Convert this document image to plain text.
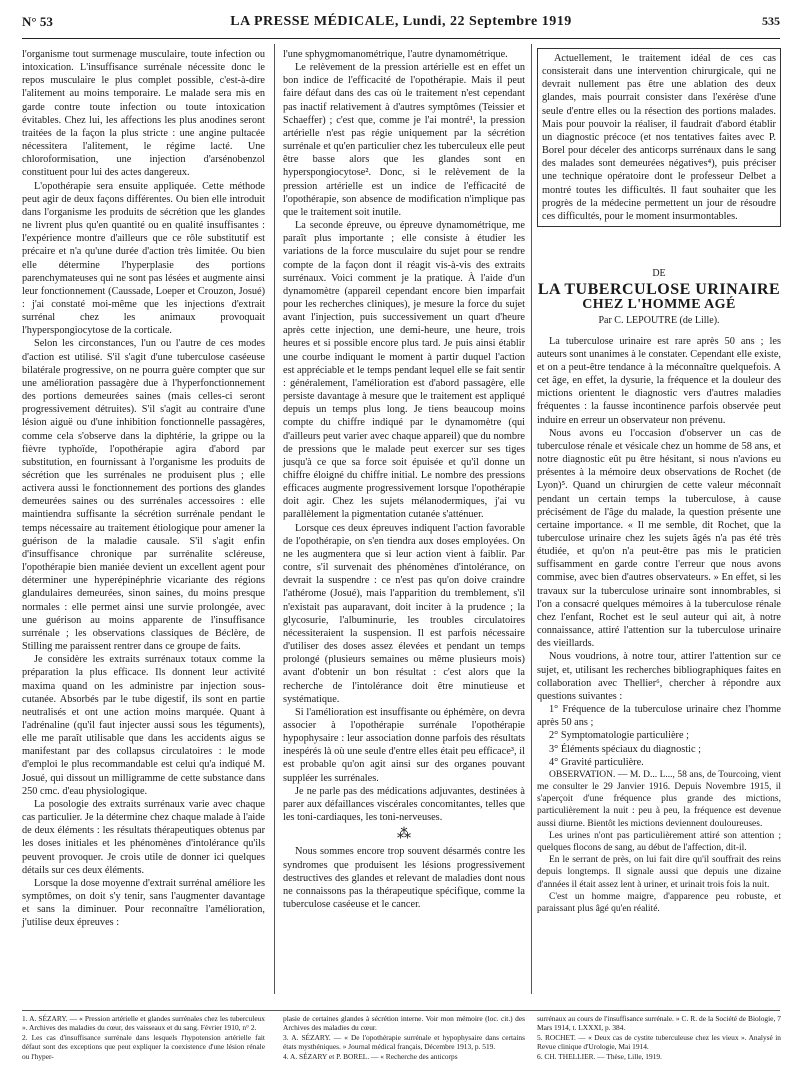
N° 53	LA PRESSE MÉDICALE, Lundi, 22 Septembre 1919	535

l'organisme tout surmenage musculaire, toute infection ou intoxication. L'insuffisance surrénale nécessite donc le repos musculaire le plus complet possible, c'est-à-dire l'alitement au moins temporaire. Le malade sera mis en garde contre toute infection ou toute intoxication évitables. Chez lui, les affections les plus anodines seront traitées de la façon la plus stricte : une angine pultacée nécessitera l'alitement, le régime lacté. Une chloroformisation, une injection d'arsénobenzol constituent pour lui des actes dangereux.

L'opothérapie sera ensuite appliquée. Cette méthode peut agir de deux façons différentes. Ou bien elle introduit dans l'organisme les produits de sécrétion que les glandes ne livrent plus qu'en quantité ou en qualité insuffisantes : l'expérience montre d'ailleurs que ce rôle substitutif est précaire et n'a qu'une durée d'action très limitée. Ou bien elle détermine l'hyperplasie des portions parenchymateuses qui ne sont pas lésées et augmente ainsi leur fonctionnement (Caussade, Loeper et Crouzon, Josué) : j'ai constaté moi-même que les injections d'extrait surrénal chez les animaux provoquait l'hyperspongiocytose de la corticale.

Selon les circonstances, l'un ou l'autre de ces modes d'action est utilisé. S'il s'agit d'une tuberculose caséeuse bilatérale progressive, on ne pourra guère compter que sur une amélioration passagère due à l'hyperfonctionnement des portions demeurées saines (mais celles-ci seront progressivement détruites). S'il s'agit au contraire d'une lésion aiguë ou d'une inhibition fonctionnelle passagères, comme cela s'observe dans la diphtérie, la grippe ou la fièvre typhoïde, l'opothérapie agira d'abord par substitution, en fournissant à l'organisme les produits de sécrétion que les surrénales ne produisent plus ; elle activera aussi le fonctionnement des portions des glandes demeurées saines ou des surrénales accessoires : elle maintiendra suffisante la sécrétion surrénale pendant le temps nécessaire au traitement étiologique pour amener la guérison de la maladie causale. S'il s'agit enfin d'insuffisance chronique par surrénalite scléreuse, l'opothérapie bien maniée devient un excellent agent pour déterminer une hyperépinéphrie vicariante des régions glandulaires demeurées, sinon saines, du moins presque normales : elle permet ainsi une survie prolongée, avec une guérison au moins apparente de l'insuffisance surrénale ; les observations classiques de Béclère, de Stilling me paraissent rentrer dans ce groupe de faits.

Je considère les extraits surrénaux totaux comme la préparation la plus efficace. Ils donnent leur activité maxima quand on les administre par injection sous-cutanée. Absorbés par le tube digestif, ils sont en partie neutralisés et ont une action moins marquée. Quant à l'adrénaline (qu'il faut injecter aussi sous les téguments), elle me paraît utilisable que dans les accidents aigus se manifestant par des collapsus circulatoires : le mode d'emploi le plus recommandable est celui qu'a indiqué M. Josué, qui dissout un milligramme de cette substance dans 250 cmc. d'eau physiologique.

La posologie des extraits surrénaux varie avec chaque cas particulier. Je la détermine chez chaque malade à l'aide de deux éléments : les résultats thérapeutiques obtenus par les doses initiales et les phénomènes d'intolérance qu'ils peuvent provoquer. Je crois utile de donner ici quelques détails sur ces deux éléments.

Lorsque la dose moyenne d'extrait surrénal améliore les symptômes, on doit s'y tenir, sans l'augmenter davantage et sans la diminuer. Pour reconnaître l'amélioration, j'utilise deux épreuves :

l'une sphygmomanométrique, l'autre dynamométrique.

Le relèvement de la pression artérielle est en effet un bon indice de l'efficacité de l'opothérapie. Mais il peut faire défaut dans des cas où le traitement n'est cependant pas inactif relativement à d'autres symptômes (Teissier et Schaeffer) ; c'est que, comme je l'ai montré¹, la pression artérielle n'est pas régie uniquement par la sécrétion surrénale et qu'en particulier chez les tuberculeux elle peut être basse alors que les glandes sont en hyperspongiocytose². Donc, si le relèvement de la pression artérielle est un indice de l'efficacité de l'opothérapie, son absence de modification n'implique pas que le traitement soit inutile.

La seconde épreuve, ou épreuve dynamométrique, me paraît plus importante ; elle consiste à étudier les variations de la force musculaire du sujet pour se rendre compte de la façon dont il réagit vis-à-vis des extraits surrénaux. Voici comment je la pratique. À l'aide d'un dynamomètre (appareil cependant encore bien imparfait pour les recherches cliniques), je mesure la force du sujet avant l'injection, puis successivement un quart d'heure après cette injection, une demi-heure, une heure, trois heures et si possible encore plus tard. Je puis ainsi établir une courbe indiquant le moment à partir duquel l'action est appréciable et le temps pendant lequel elle se fait sentir : généralement, l'amélioration est d'abord passagère, elle persiste davantage à mesure que le traitement est appliqué depuis un temps plus long. Je tiens beaucoup moins compte du chiffre indiqué par le dynamomètre (qui d'ailleurs peut varier avec chaque appareil) que du nombre de pressions que le malade peut exercer sur ses tiges jusqu'à ce que sa force soit épuisée et qu'il donne un chiffre éloigné du chiffre initial. Le nombre des pressions efficaces augmente progressivement lorsque l'opothérapie doit agir. Chez les sujets mélanodermiques, j'ai vu parallèlement la pigmentation cutanée s'atténuer.

Lorsque ces deux épreuves indiquent l'action favorable de l'opothérapie, on s'en tiendra aux doses employées. On ne les augmentera que si leur action vient à faiblir. Par contre, s'il survenait des phénomènes d'intolérance, on devrait la suspendre : ce n'est pas qu'on doive craindre l'athérome (Josué), mais l'apparition du tremblement, s'il n'existait pas auparavant, doit inciter à la prudence ; la glycosurie, l'albuminurie, les troubles circulatoires nécessiteraient la suspension. Il est parfois nécessaire d'utiliser des doses assez élevées et pendant un temps prolongé (plusieurs semaines ou même plusieurs mois) avant d'obtenir un bon résultat : c'est alors que la recherche de l'intolérance doit être minutieuse et systématique.

Si l'amélioration est insuffisante ou éphémère, on devra associer à l'opothérapie surrénale l'opothérapie hypophysaire : leur association donne parfois des résultats inespérés là où une seule d'entre elles était peu efficace³, il est probable qu'on agit ainsi sur des organes pouvant suppléer les surrénales.

Je ne parle pas des médications adjuvantes, destinées à parer aux défaillances viscérales concomitantes, telles que les toni-cardiaques, les toni-nerveuses.

⁂

Nous sommes encore trop souvent désarmés contre les syndromes que produisent les lésions progressivement destructives des glandes et relevant de maladies dont nous ne connaissons pas la thérapeutique spécifique, comme la tuberculose caséeuse et le cancer.

Actuellement, le traitement idéal de ces cas consisterait dans une intervention chirurgicale, qui ne devrait nullement pas être une ablation des deux glandes, mais pourrait consister dans l'exérèse d'une seule d'entre elles ou la résection des portions malades. Mais pour pouvoir la réaliser, il faudrait d'abord établir un diagnostic précoce (et nos tentatives faites avec P. Borel pour déceler des anticorps surrénaux dans le sang des malades sont demeurées négatives⁴), puis préciser une technique opératoire dont le professeur Delbet a montré toutes les difficultés. Il faut souhaiter que les progrès de la médecine permettent un jour de résoudre ces difficultés, pour le moment insurmontables.

DE
LA TUBERCULOSE URINAIRE
CHEZ L'HOMME AGÉ
Par C. LEPOUTRE (de Lille).

La tuberculose urinaire est rare après 50 ans ; les auteurs sont unanimes à le constater. Cependant elle existe, et on a peut-être tendance à la méconnaître quelquefois. A cet âge, en effet, la dysurie, la fréquence et la douleur des mictions orientent le diagnostic vers d'autres maladies fréquentes : la fausse incontinence parfois observée peut induire en erreur un observateur non prévenu.

Nous avons eu l'occasion d'observer un cas de tuberculose rénale et vésicale chez un homme de 58 ans, et notre diagnostic eût pu être hésitant, si nous n'avions eu présentes à la mémoire deux observations de Rochet (de Lyon)⁵. Quand un chirurgien de cette valeur méconnaît pendant un certain temps la tuberculose, à cause précisément de l'âge du malade, la question présente une certaine importance. « Il me semble, dit Rochet, que la tuberculose urinaire chez les sujets âgés n'a pas été très étudiée, et qu'on n'a peut-être pas mis le praticien suffisamment en garde contre l'erreur que nous avons commise, avec bien d'autres observateurs. » En effet, si les travaux sur la tuberculose urinaire sont innombrables, si l'on a consacré quelques mémoires à la tuberculose rénale chez l'enfant, Rochet est le seul auteur qui ait, à notre connaissance, attiré l'attention sur la tuberculose urinaire des vieillards.

Nous voudrions, à notre tour, attirer l'attention sur ce sujet, et, utilisant les recherches bibliographiques faites en collaboration avec Thellier⁶, chercher à répondre aux questions suivantes :

1° Fréquence de la tuberculose urinaire chez l'homme après 50 ans ;

2° Symptomatologie particulière ;

3° Éléments spéciaux du diagnostic ;

4° Gravité particulière.

OBSERVATION. — M. D... L..., 58 ans, de Tourcoing, vient me consulter le 29 Janvier 1916. Depuis Novembre 1915, il s'aperçoit d'une fréquence plus grande des mictions, particulièrement la nuit : peu à peu, la fréquence est devenue aussi diurne. Bientôt les mictions deviennent douloureuses.

Les urines n'ont pas particulièrement attiré son attention ; quelques flocons de sang, au début de l'affection, dit-il.

En le serrant de près, on lui fait dire qu'il souffrait des reins depuis longtemps. Il signale aussi que depuis une dizaine d'années il était assez lent à uriner, et urinait trois fois la nuit.

C'est un homme maigre, d'apparence peu robuste, et paraissant plus âgé qu'en réalité.

1. A. SÉZARY. — « Pression artérielle et glandes surrénales chez les tuberculeux ». Archives des maladies du cœur, des vaisseaux et du sang. Février 1910, n° 2.

2. Les cas d'insuffisance surrénale dans lesquels l'hypotension artérielle fait défaut sont des exceptions que peut expliquer la coexistence d'une lésion rénale ou l'hyper-

plasie de certaines glandes à sécrétion interne. Voir mon mémoire (loc. cit.) des Archives des maladies du cœur.

3. A. SÉZARY. — « De l'opothérapie surrénale et hypophysaire dans certains états mysthéniques. » Journal médical français, Décembre 1913, p. 519.

4. A. SÉZARY et P. BOREL. — « Recherche des anticorps

surrénaux au cours de l'insuffisance surrénale. » C. R. de la Société de Biologie, 7 Mars 1914, t. LXXXI, p. 384.

5. ROCHET. — « Deux cas de cystite tuberculeuse chez les vieux ». Analysé in Revue clinique d'Urologie, Mai 1914.

6. CH. THELLIER. — Thèse, Lille, 1919.
